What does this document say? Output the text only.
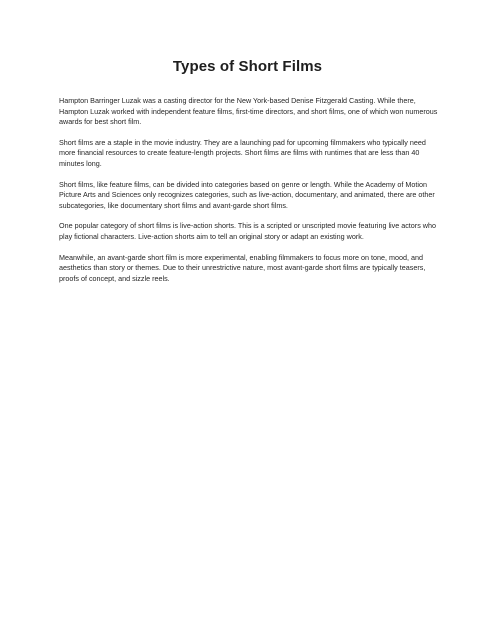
Types of Short Films

Hampton Barringer Luzak was a casting director for the New York-based Denise Fitzgerald Casting. While there, Hampton Luzak worked with independent feature films, first-time directors, and short films, one of which won numerous awards for best short film.

Short films are a staple in the movie industry. They are a launching pad for upcoming filmmakers who typically need more financial resources to create feature-length projects. Short films are films with runtimes that are less than 40 minutes long.

Short films, like feature films, can be divided into categories based on genre or length. While the Academy of Motion Picture Arts and Sciences only recognizes categories, such as live-action, documentary, and animated, there are other subcategories, like documentary short films and avant-garde short films.

One popular category of short films is live-action shorts. This is a scripted or unscripted movie featuring live actors who play fictional characters. Live-action shorts aim to tell an original story or adapt an existing work.

Meanwhile, an avant-garde short film is more experimental, enabling filmmakers to focus more on tone, mood, and aesthetics than story or themes. Due to their unrestrictive nature, most avant-garde short films are typically teasers, proofs of concept, and sizzle reels.
